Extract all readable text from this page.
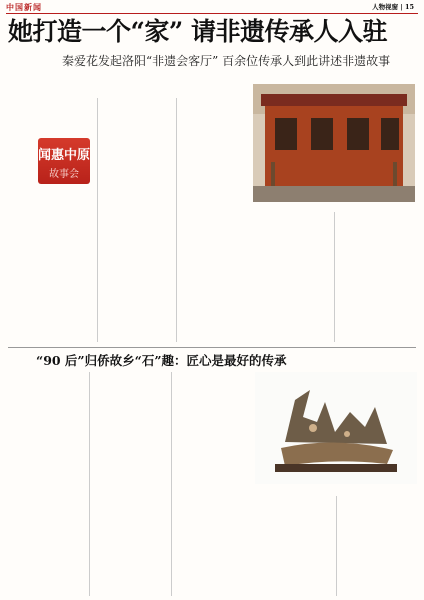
中国新闻	人物视窗 | 15
她打造一个“家” 请非遗传承人入驻
秦爱花发起洛阳“非遗会客厅” 百余位传承人到此讲述非遗故事

闻惠中原
故事会

“90 后”归侨故乡“石”趣：匠心是最好的传承
